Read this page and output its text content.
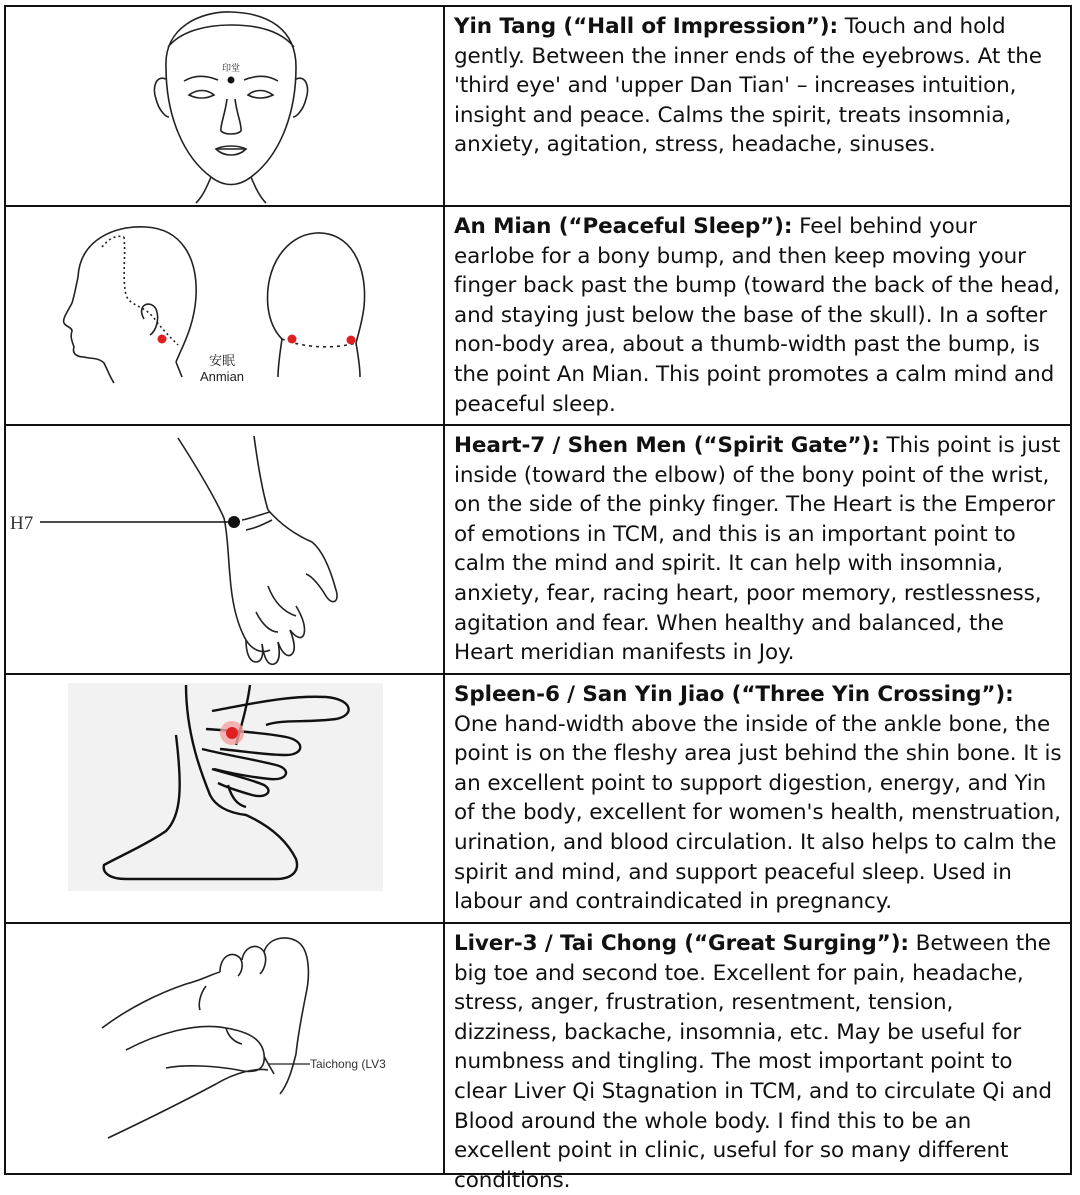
印堂
Yin Tang (“Hall of Impression”): Touch and hold gently. Between the inner ends of the eyebrows. At the 'third eye' and 'upper Dan Tian' – increases intuition, insight and peace. Calms the spirit, treats insomnia, anxiety, agitation, stress, headache, sinuses.
安眠
Anmian
An Mian (“Peaceful Sleep”): Feel behind your earlobe for a bony bump, and then keep moving your finger back past the bump (toward the back of the head, and staying just below the base of the skull). In a softer non-body area, about a thumb-width past the bump, is the point An Mian. This point promotes a calm mind and peaceful sleep.
H7
Heart-7 / Shen Men (“Spirit Gate”): This point is just inside (toward the elbow) of the bony point of the wrist, on the side of the pinky finger. The Heart is the Emperor of emotions in TCM, and this is an important point to calm the mind and spirit. It can help with insomnia, anxiety, fear, racing heart, poor memory, restlessness, agitation and fear. When healthy and balanced, the Heart meridian manifests in Joy.
Spleen-6 / San Yin Jiao (“Three Yin Crossing”): One hand-width above the inside of the ankle bone, the point is on the fleshy area just behind the shin bone. It is an excellent point to support digestion, energy, and Yin of the body, excellent for women's health, menstruation, urination, and blood circulation. It also helps to calm the spirit and mind, and support peaceful sleep. Used in labour and contraindicated in pregnancy.
Taichong (LV3
Liver-3 / Tai Chong (“Great Surging”): Between the big toe and second toe. Excellent for pain, headache, stress, anger, frustration, resentment, tension, dizziness, backache, insomnia, etc. May be useful for numbness and tingling. The most important point to clear Liver Qi Stagnation in TCM, and to circulate Qi and Blood around the whole body. I find this to be an excellent point in clinic, useful for so many different conditions.
